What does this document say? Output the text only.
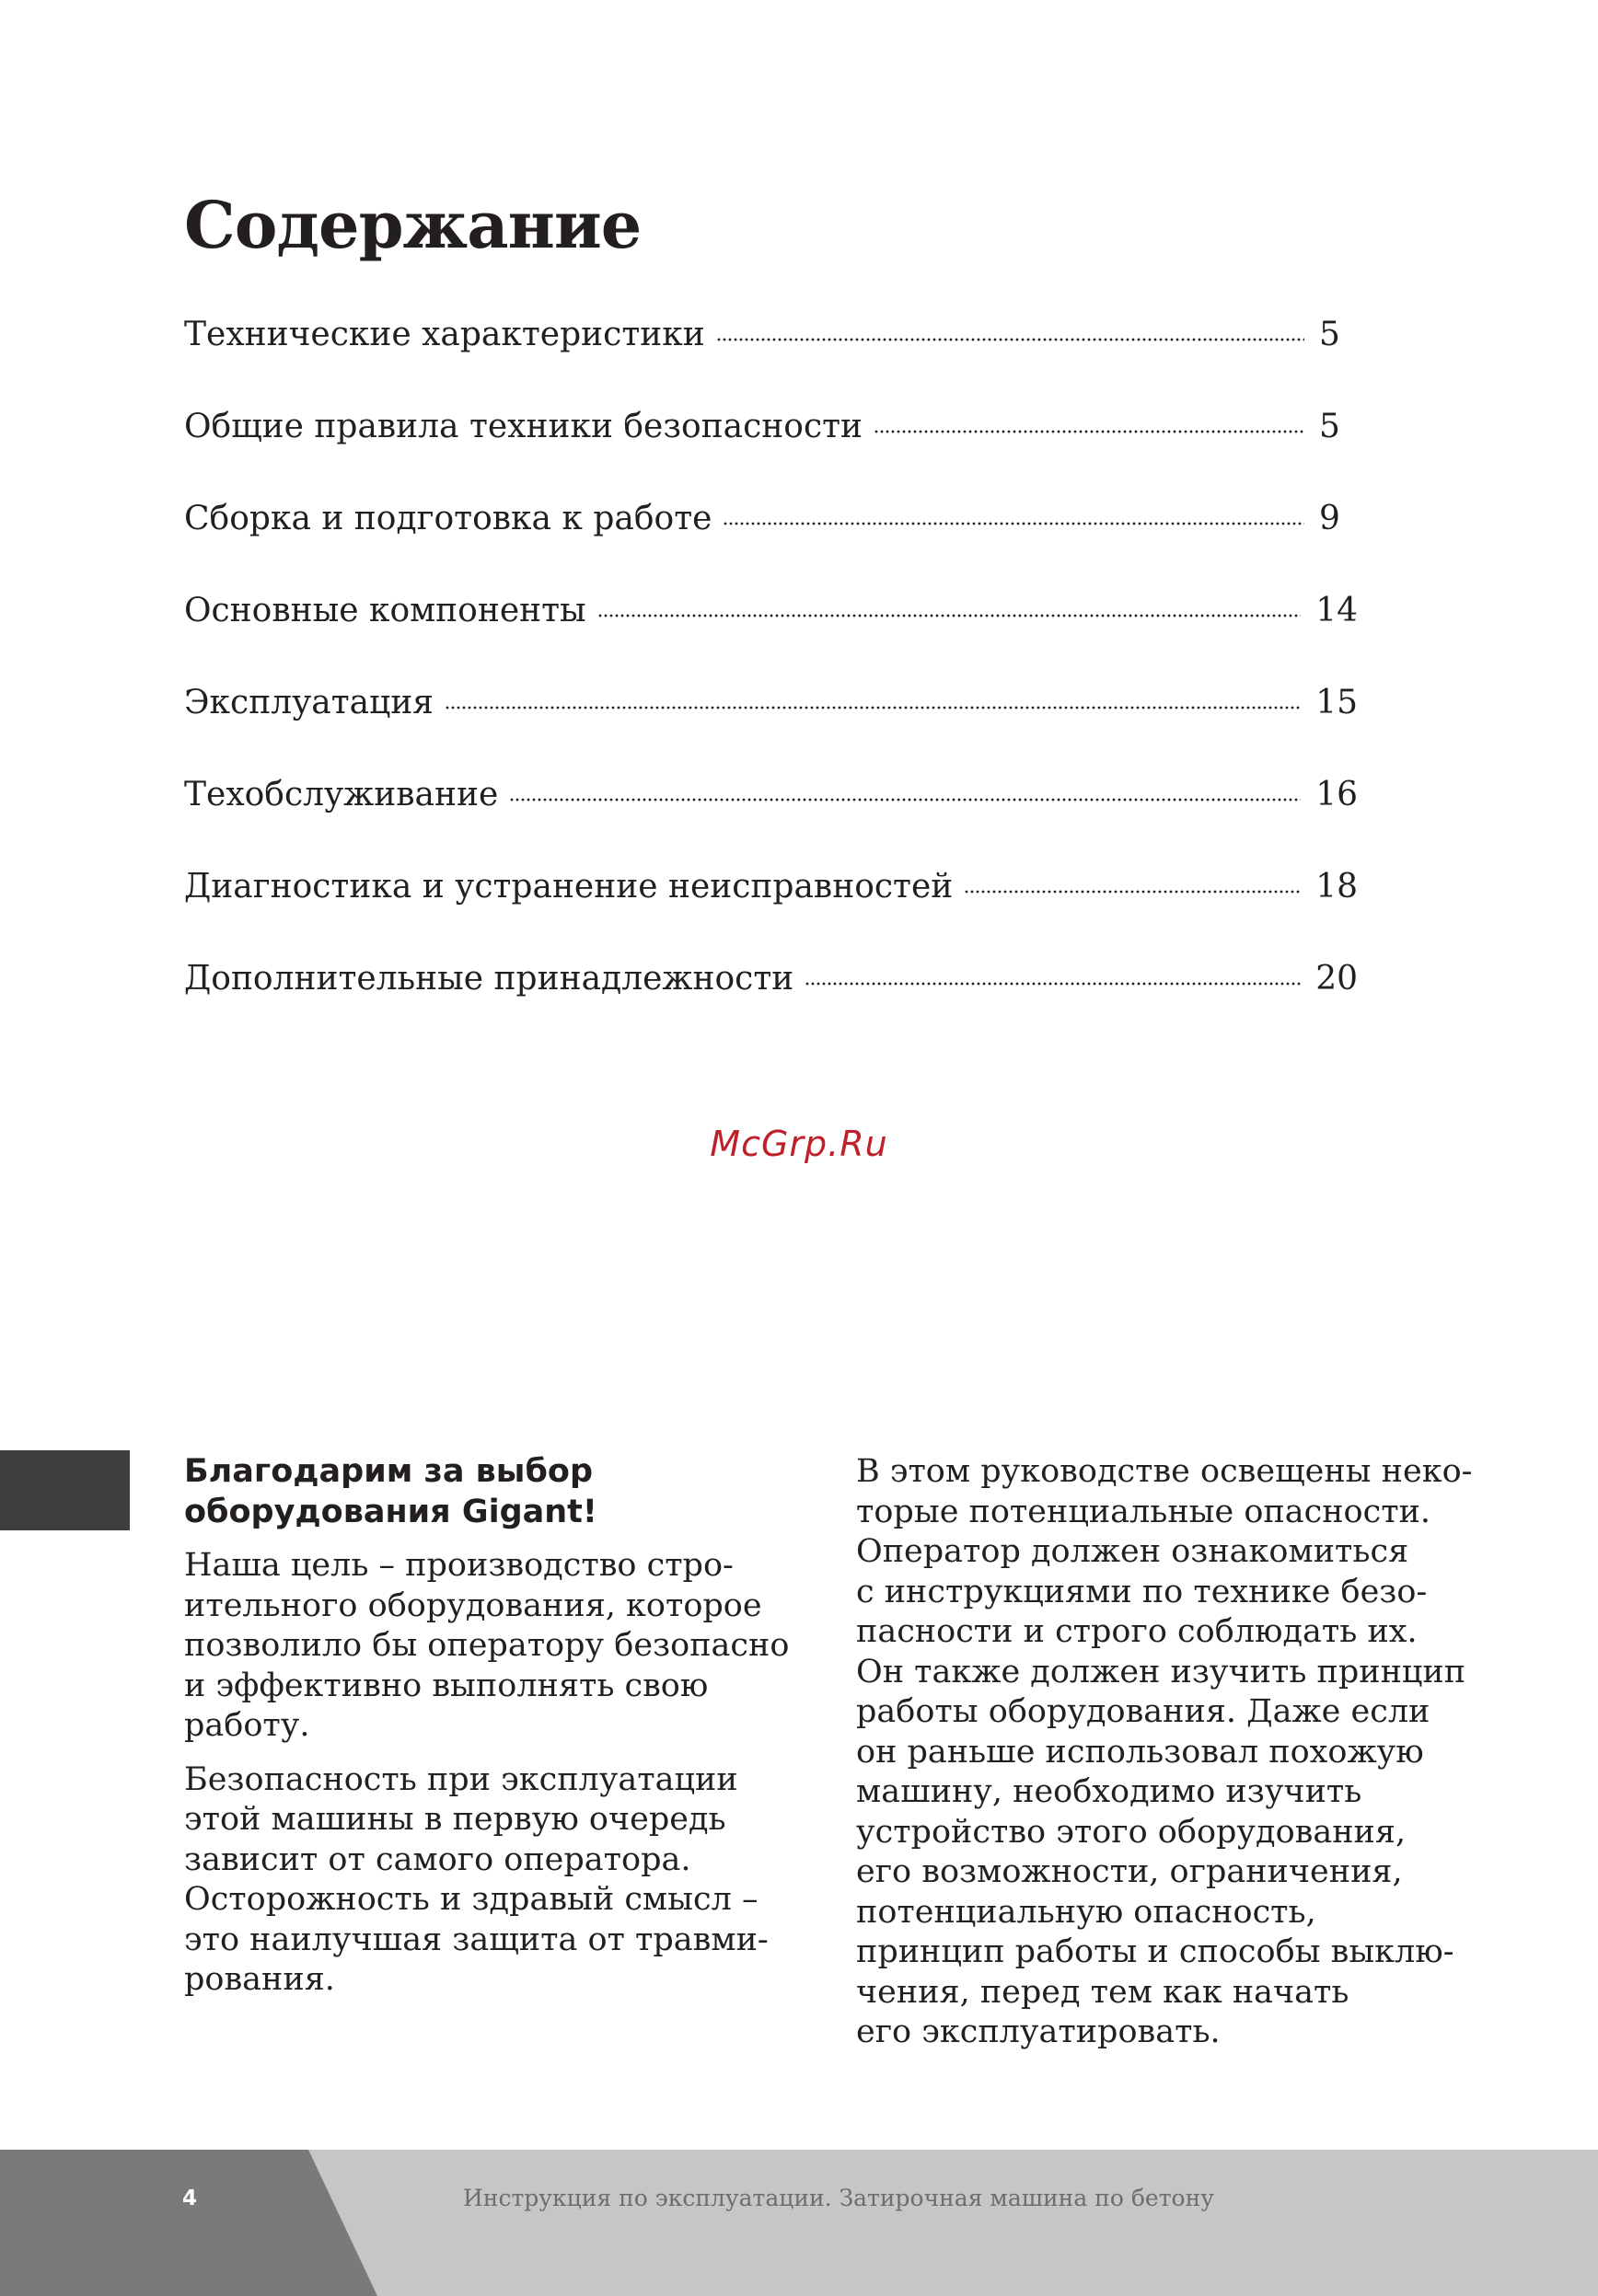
Содержание
Технические характеристики	5
Общие правила техники безопасности	5
Сборка и подготовка к работе	9
Основные компоненты	14
Эксплуатация	15
Техобслуживание	16
Диагностика и устранение неисправностей	18
Дополнительные принадлежности	20
McGrp.Ru
Благодарим за выбор
оборудования Gigant!
Наша цель – производство стро-
ительного оборудования, которое
позволило бы оператору безопасно
и эффективно выполнять свою
работу.
Безопасность при эксплуатации
этой машины в первую очередь
зависит от самого оператора.
Осторожность и здравый смысл –
это наилучшая защита от травми-
рования.
В этом руководстве освещены неко-
торые потенциальные опасности.
Оператор должен ознакомиться
с инструкциями по технике безо-
пасности и строго соблюдать их.
Он также должен изучить принцип
работы оборудования. Даже если
он раньше использовал похожую
машину, необходимо изучить
устройство этого оборудования,
его возможности, ограничения,
потенциальную опасность,
принцип работы и способы выклю-
чения, перед тем как начать
его эксплуатировать.
4	Инструкция по эксплуатации. Затирочная машина по бетону
